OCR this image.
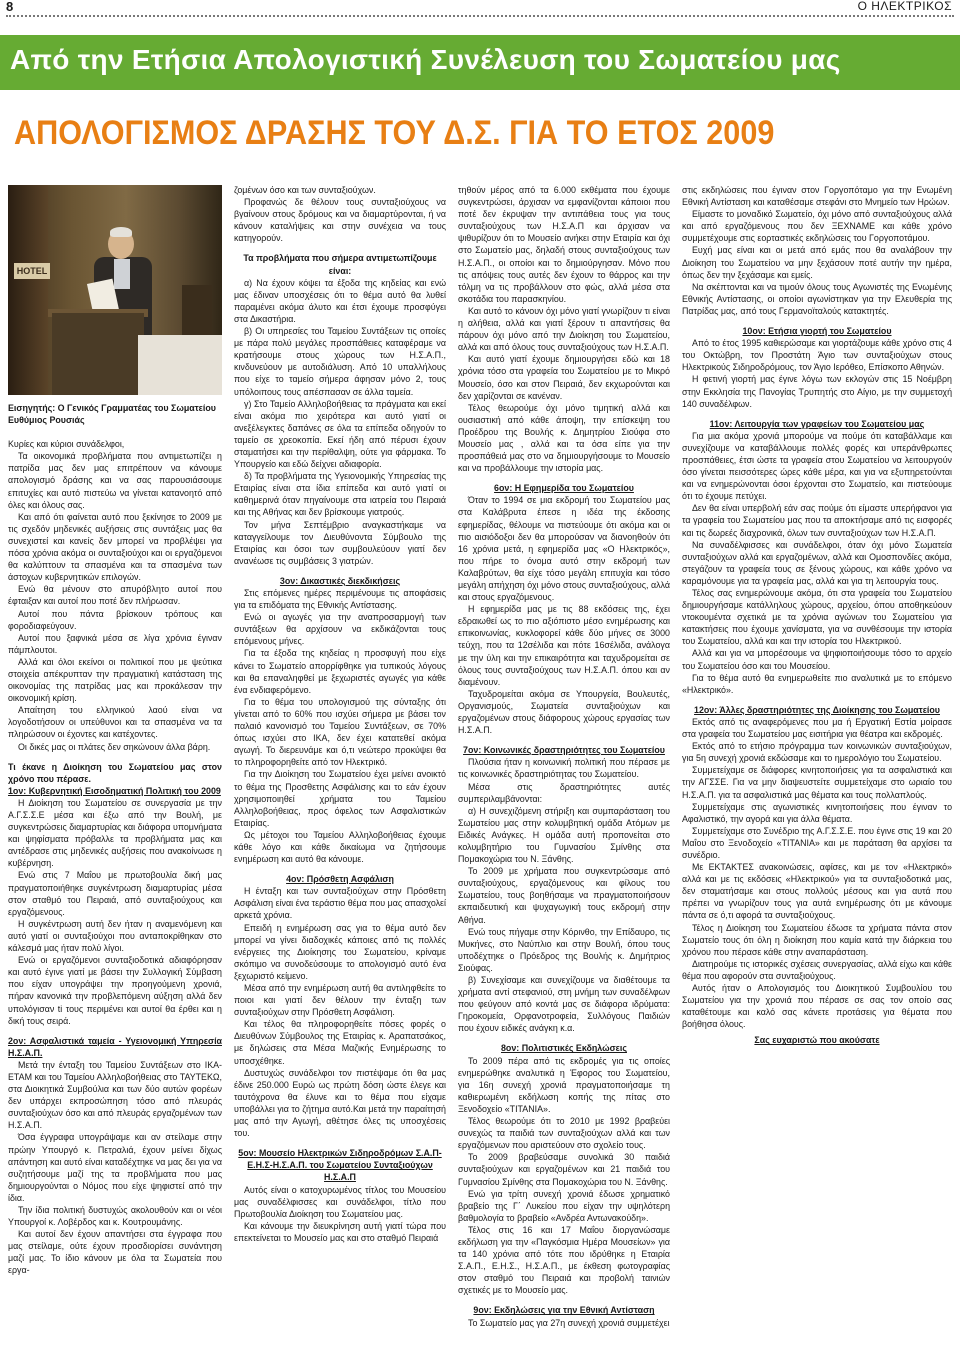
8	Ο ΗΛΕΚΤΡΙΚΟΣ
Από την Ετήσια Απολογιστική Συνέλευση του Σωματείου μας
ΑΠΟΛΟΓΙΣΜΟΣ ΔΡΑΣΗΣ ΤΟΥ Δ.Σ. ΓΙΑ ΤΟ ΕΤΟΣ 2009
HOTEL

Εισηγητής: Ο Γενικός Γραμματέας του Σωματείου

Ευθύμιος Ρουσιάς

Κυρίες και κύριοι συνάδελφοι,

Τα οικονομικά προβλήματα που αντιμετωπίζει η πατρίδα μας δεν μας επιτρέπουν να κάνουμε απολογισμό δράσης και να σας παρουσιάσουμε επιτυχίες και αυτό πιστεύω να γίνεται κατανοητό από όλες και όλους σας.

Και από ότι φαίνεται αυτό που ξεκίνησε το 2009 με τις σχεδόν μηδενικές αυξήσεις στις συντάξεις μας θα συνεχιστεί και κανείς δεν μπορεί να προβλέψει για πόσα χρόνια ακόμα οι συνταξιούχοι και οι εργαζόμενοι θα καλύπτουν τα σπασμένα και τα σπασμένα των άστοχων κυβερνητικών επιλογών.

Ενώ θα μένουν στο απυρόβλητο αυτοί που έφταιξαν και αυτοί που ποτέ δεν πλήρωσαν.

Αυτοί που πάντα βρίσκουν τρόπους και φοροδιαφεύγουν.

Αυτοί που ξαφνικά μέσα σε λίγα χρόνια έγιναν πάμπλουτοι.

Αλλά και όλοι εκείνοι οι πολιτικοί που με ψεύτικα στοιχεία απέκρυπταν την πραγματική κατάσταση της οικονομίας της πατρίδας μας και προκάλεσαν την οικονομική κρίση.

Απαίτηση του ελληνικού λαού είναι να λογοδοτήσουν οι υπεύθυνοι και τα σπασμένα να τα πληρώσουν οι έχοντες και κατέχοντες.

Οι δικές μας οι πλάτες δεν σηκώνουν άλλα βάρη.

Τι έκανε η Διοίκηση του Σωματείου μας στον χρόνο που πέρασε.

1ον: Κυβερνητική Εισοδηματική Πολιτική του 2009

Η Διοίκηση του Σωματείου σε συνεργασία με την Α.Γ.Σ.Σ.Ε μέσα και έξω από την Βουλή, με συγκεντρώσεις διαμαρτυρίας και διάφορα υπομνήματα και ψηφίσματα πρόβαλλε τα προβλήματα μας και αντέδρασε στις μηδενικές αυξήσεις που ανακοίνωσε η κυβέρνηση.

Ενώ στις 7 Μαΐου με πρωτοβουλία δική μας πραγματοποιήθηκε συγκέντρωση διαμαρτυρίας μέσα στον σταθμό του Πειραιά, από συνταξιούχους και εργαζόμενους.

Η συγκέντρωση αυτή δεν ήταν η αναμενόμενη και αυτό γιατί οι συνταξιούχοι που ανταποκρίθηκαν στο κάλεσμά μας ήταν πολύ λίγοι.

Ενώ οι εργαζόμενοι συνταξιοδοτικά αδιαφόρησαν και αυτό έγινε γιατί με βάσει την Συλλογική Σύμβαση που είχαν υπογράψει την προηγούμενη χρονιά, πήραν κανονικά την προβλεπόμενη αύξηση αλλά δεν υπολόγισαν ti τους περιμένει και αυτοί θα έρθει και η δική τους σειρά.

2ον: Ασφαλιστικά ταμεία - Υγειονομική Υπηρεσία Η.Σ.Α.Π.

Μετά την ένταξη του Ταμείου Συντάξεων στο ΙΚΑ-ΕΤΑΜ και του Ταμείου Αλληλοβοήθειας στο ΤΑΥΤΕΚΩ, στα Διοικητικά Συμβούλια και των δύο αυτών φορέων δεν υπάρχει εκπροσώπηση τόσο από πλευράς συνταξιούχων όσο και από πλευράς εργαζομένων των Η.Σ.Α.Π.

Όσα έγγραφα υπογράψαμε και αν στείλαμε στην πρώην Υπουργό κ. Πετραλιά, έχουν μείνει δίχως απάντηση και αυτό είναι καταδέχτηκε να μας δει για να συζητήσουμε μαζί της τα προβλήματα που μας δημιουργούνται ο Νόμος που είχε ψηφιστεί από την ίδια.

Την ίδια πολιτική δυστυχώς ακολουθούν και οι νέοι Υπουργοί κ. Λοβέρδος και κ. Κουτρουμάνης.

Και αυτοί δεν έχουν απαντήσει στα έγγραφα που μας στείλαμε, ούτε έχουν προσδιορίσει συνάντηση μαζί μας. Το ίδιο κάνουν με όλα τα Σωματεία που εργα-

ζομένων όσο και των συνταξιούχων.

Προφανώς δε θέλουν τους συνταξιούχους να βγαίνουν στους δρόμους και να διαμαρτύρονται, ή να κάνουν καταλήψεις και στην συνέχεια να τους κατηγορούν.

Τα προβλήματα που σήμερα αντιμετωπίζουμε είναι:

α) Να έχουν κόψει τα έξοδα της κηδείας και ενώ μας έδιναν υποσχέσεις ότι το θέμα αυτό θα λυθεί παραμένει ακόμα άλυτο και έτσι έχουμε προσφύγει στα Δικαστήρια.

β) Οι υπηρεσίες του Ταμείου Συντάξεων τις οποίες με πάρα πολύ μεγάλες προσπάθειες καταφέραμε να κρατήσουμε στους χώρους των Η.Σ.Α.Π., κινδυνεύουν με αυτοδιάλυση. Από 10 υπαλλήλους που είχε το ταμείο σήμερα άφησαν μόνο 2, τους υπόλοιπους τους απέσπασαν σε άλλα ταμεία.

γ) Στο Ταμείο Αλληλοβοήθειας τα πράγματα και εκεί είναι ακόμα πιο χειρότερα και αυτό γιατί οι ανεξέλεγκτες δαπάνες σε όλα τα επίπεδα οδηγούν το ταμείο σε χρεοκοπία. Εκεί ήδη από πέρυσι έχουν σταματήσει και την περίθαλψη, ούτε για φάρμακα. Το Υπουργείο και εδώ δείχνει αδιαφορία.

δ) Τα προβλήματα της Υγειονομικής Υπηρεσίας της Εταιρίας είναι στα ίδια επίπεδα και αυτό γιατί οι καθημερινά όταν πηγαίνουμε στα ιατρεία του Πειραιά και της Αθήνας και δεν βρίσκουμε γιατρούς.

Τον μήνα Σεπτέμβριο αναγκαστήκαμε να καταγγείλουμε τον Διευθύνοντα Σύμβουλο της Εταιρίας και όσοι των συμβουλεύουν γιατί δεν ανανέωσε τις συμβάσεις 3 γιατρών.

3ον: Δικαστικές διεκδικήσεις

Στις επόμενες ημέρες περιμένουμε τις αποφάσεις για τα επιδόματα της Εθνικής Αντίστασης.

Ενώ οι αγωγές για την αναπροσαρμογή των συντάξεων θα αρχίσουν να εκδικάζονται τους επόμενους μήνες.

Για τα έξοδα της κηδείας η προσφυγή που είχε κάνει το Σωματείο απορρίφθηκε για τυπικούς λόγους και θα επαναληφθεί με ξεχωριστές αγωγές για κάθε ένα ενδιαφερόμενο.

Για το θέμα του υπολογισμού της σύνταξης ότι γίνεται από το 60% που ισχύει σήμερα με βάσει τον παλαιό κανονισμό του Ταμείου Συντάξεων, σε 70% όπως ισχύει στο ΙΚΑ, δεν έχει κατατεθεί ακόμα αγωγή. Το διερευνάμε και ό,τι νεώτερο προκύψει θα το πληροφορηθείτε από τον Ηλεκτρικό.

Για την Διοίκηση του Σωματείου έχει μείνει ανοικτό το θέμα της Προσθετης Ασφάλισης και το εάν έχουν χρησιμοποιηθεί χρήματα του Ταμείου Αλληλοβοήθειας, προς όφελος των Ασφαλιστικών Εταιρίας.

Ως μέτοχοι του Ταμείου Αλληλοβοήθειας έχουμε κάθε λόγο και κάθε δικαίωμα να ζητήσουμε ενημέρωση και αυτό θα κάνουμε.

4ον: Πρόσθετη Ασφάλιση

Η ένταξη και των συνταξιούχων στην Πρόσθετη Ασφάλιση είναι ένα τεράστιο θέμα που μας απασχολεί αρκετά χρόνια.

Επειδή η ενημέρωση σας για το θέμα αυτό δεν μπορεί να γίνει διαδοχικές κάποιες από τις πολλές ενέργειες της Διοίκησης του Σωματείου, κρίναμε σκόπιμο να συνοδεύσουμε το απολογισμό αυτό ένα ξεχωριστό κείμενο.

Μέσα από την ενημέρωση αυτή θα αντιληφθείτε το ποιοι και γιατί δεν θέλουν την ένταξη των συνταξιούχων στην Πρόσθετη Ασφάλιση.

Και τέλος θα πληροφορηθείτε πόσες φορές ο Διευθύνων Σύμβουλος της Εταιρίας κ. Αραπατσάκος, με δηλώσεις στα Μέσα Μαζικής Ενημέρωσης το υποσχέθηκε.

Δυστυχώς συνάδελφοι τον πιστέψαμε ότι θα μας έδινε 250.000 Ευρώ ως πρώτη δόση ώστε έλεγε και ταυτόχρονα θα έλυνε και το θέμα που είχαμε υποβάλλει για το ζήτημα αυτό.Και μετά την παραίτησή μας από την Αγωγή, αθέτησε όλες τις υποσχέσεις του.

5ον: Μουσείο Ηλεκτρικών Σιδηροδρόμων Σ.Α.Π-Ε.Η.Σ-Η.Σ.Α.Π. του Σωματείου Συνταξιούχων Η.Σ.Α.Π

Αυτός είναι ο κατοχυρωμένος τίτλος του Μουσείου μας συναδέλφισσες και συνάδελφοι, τίτλο που Πρωτοβουλία Διοίκηση του Σωματείου μας.

Και κάνουμε την διευκρίνηση αυτή γιατί τώρα που επεκτείνεται το Μουσείο μας και στο σταθμό Πειραιά

τηθούν μέρος από τα 6.000 εκθέματα που έχουμε συγκεντρώσει, άρχισαν να εμφανίζονται κάποιοι που ποτέ δεν έκρυψαν την αντιπάθεια τους για τους συνταξιούχους των Η.Σ.Α.Π και άρχισαν να ψιθυρίζουν ότι το Μουσείο ανήκει στην Εταιρία και όχι στο Σωματείο μας, δηλαδή στους συνταξιούχους των Η.Σ.Α.Π., οι οποίοι και το δημιούργησαν. Μόνο που τις απόψεις τους αυτές δεν έχουν το θάρρος και την τόλμη να τις προβάλλουν στο φώς, αλλά μέσα στα σκοτάδια του παρασκηνίου.

Και αυτό το κάνουν όχι μόνο γιατί γνωρίζουν τι είναι η αλήθεια, αλλά και γιατί ξέρουν τι απαντήσεις θα πάρουν όχι μόνο από την Διοίκηση του Σωματείου, αλλά και από όλους τους συνταξιούχους των Η.Σ.Α.Π.

Και αυτό γιατί έχουμε δημιουργήσει εδώ και 18 χρόνια τόσο στα γραφεία του Σωματείου με το Μικρό Μουσείο, όσο και στον Πειραιά, δεν εκχωρούνται και δεν χαρίζονται σε κανέναν.

Τέλος θεωρούμε όχι μόνο τιμητική αλλά και ουσιαστική από κάθε άποψη, την επίσκεψη του Προέδρου της Βουλής κ. Δημητρίου Σιούφα στο Μουσείο μας , αλλά και τα όσα είπε για την προσπάθειά μας στο να δημιουργήσουμε το Μουσείο και να προβάλλουμε την ιστορία μας.

6ον: Η Εφημερίδα του Σωματείου

Όταν το 1994 σε μια εκδρομή του Σωματείου μας στα Καλάβρυτα έπεσε η ιδέα της έκδοσης εφημερίδας, θέλουμε να πιστεύουμε ότι ακόμα και οι πιο αισιόδοξοι δεν θα μπορούσαν να διανοηθούν ότι 16 χρόνια μετά, η εφημερίδα μας «Ο Ηλεκτρικός», που πήρε το όνομα αυτό στην εκδρομή των Καλαβρύτων, θα είχε τόσο μεγάλη επιτυχία και τόσο μεγάλη απήχηση όχι μόνο στους συνταξιούχους, αλλά και στους εργαζόμενους.

Η εφημερίδα μας με τις 88 εκδόσεις της, έχει εδραιωθεί ως το πιο αξιόπιστο μέσο ενημέρωσης και επικοινωνίας, κυκλοφορεί κάθε δύο μήνες σε 3000 τεύχη, που τα 12σέλιδα και πότε 16σέλιδα, ανάλογα με την ύλη και την επικαιρότητα και ταχυδρομείται σε όλους τους συνταξιούχους των Η.Σ.Α.Π. όπου και αν διαμένουν.

Ταχυδρομείται ακόμα σε Υπουργεία, Βουλευτές, Οργανισμούς, Σωματεία συνταξιούχων και εργαζομένων στους διάφορους χώρους εργασίας των Η.Σ.Α.Π.

7ον: Κοινωνικές δραστηριότητες του Σωματείου

Πλούσια ήταν η κοινωνική πολιτική που πέρασε με τις κοινωνικές δραστηριότητας του Σωματείου.

Μέσα στις δραστηριότητες αυτές συμπεριλαμβάνονται:

α) Η συνεχιζόμενη στήριξη και συμπαράσταση του Σωματείου μας στην κολυμβητική ομάδα Ατόμων με Ειδικές Ανάγκες. Η ομάδα αυτή προπονείται στο κολυμβητήριο του Γυμνασίου Σμίνθης στα Πομακοχώρια του Ν. Ξάνθης.

Το 2009 με χρήματα που συγκεντρώσαμε από συνταξιούχους, εργαζόμενους και φίλους του Σωματείου, τους βοηθήσαμε να πραγματοποιήσουν εκπαιδευτική και ψυχαγωγική τους εκδρομή στην Αθήνα.

Ενώ τους πήγαμε στην Κόρινθο, την Επίδαυρο, τις Μυκήνες, στο Ναύπλιο και στην Βουλή, όπου τους υποδέχτηκε ο Πρόεδρος της Βουλής κ. Δημήτριος Σιούφας.

β) Συνεχίσαμε και συνεχίζουμε να διαθέτουμε τα χρήματα αντί στεφανιού, στη μνήμη των συναδέλφων που φεύγουν από κοντά μας σε διάφορα ιδρύματα: Γηροκομεία, Ορφανοτροφεία, Συλλόγους Παιδιών που έχουν ειδικές ανάγκη κ.α.

8ον: Πολιτιστικές Εκδηλώσεις

Το 2009 πέρα από τις εκδρομές για τις οποίες ενημερώθηκε αναλυτικά η Έφορος του Σωματείου, για 16η συνεχή χρονιά πραγματοποιήσαμε τη καθιερωμένη εκδήλωση κοπής της πίτας στο Ξενοδοχείο «TITANIA».

Τέλος θεωρούμε ότι το 2010 με 1992 βραβεύει συνεχώς τα παιδιά των συνταξιούχων αλλά και των εργαζόμενων που αριστεύουν στο σχολείο τους.

Το 2009 βραβεύσαμε συνολικά 30 παιδιά συνταξιούχων και εργαζομένων και 21 παιδιά του Γυμνασίου Σμίνθης στα Πομακοχώρια του Ν. Ξάνθης.

Ενώ για τρίτη συνεχή χρονιά έδωσε χρηματικό βραβείο της Γ΄ Λυκείου που είχαν την υψηλότερη βαθμολογία το βραβείο «Ανδρέα Αντωνακούδη».

Τέλος στις 16 και 17 Μαΐου διοργανώσαμε εκδήλωση για την «Παγκόσμια Ημέρα Μουσείων» για τα 140 χρόνια από τότε που ιδρύθηκε η Εταιρία Σ.Α.Π., Ε.Η.Σ., Η.Σ.Α.Π., με έκθεση φωτογραφίας στον σταθμό του Πειραιά και προβολή ταινιών σχετικές με το Μουσείο μας.

9ον: Εκδηλώσεις για την Εθνική Αντίσταση

Το Σωματείο μας για 27η συνεχή χρονιά συμμετέχει

στις εκδηλώσεις που έγιναν στον Γοργοπόταμο για την Ενωμένη Εθνική Αντίσταση και καταθέσαμε στεφάνι στο Μνημείο των Ηρώων.

Είμαστε το μοναδικό Σωματείο, όχι μόνο από συνταξιούχους αλλά και από εργαζόμενους που δεν ΞΕΧΝΑΜΕ και κάθε χρόνο συμμετέχουμε στις εορταστικές εκδηλώσεις του Γοργοποτάμου.

Ευχή μας είναι και οι μετά από εμάς που θα αναλάβουν την Διοίκηση του Σωματείου να μην ξεχάσουν ποτέ αυτήν την ημέρα, όπως δεν την ξεχάσαμε και εμείς.

Να σκέπτονται και να τιμούν όλους τους Αγωνιστές της Ενωμένης Εθνικής Αντίστασης, οι οποίοι αγωνίστηκαν για την Ελευθερία της Πατρίδας μας, από τους Γερμανοϊταλούς κατακτητές.

10ον: Ετήσια γιορτή του Σωματείου

Από το έτος 1995 καθιερώσαμε και γιορτάζουμε κάθε χρόνο στις 4 του Οκτώβρη, τον Προστάτη Άγιο των συνταξιούχων στους Ηλεκτρικούς Σιδηροδρόμους, τον Άγιο Ιερόθεο, Επίσκοπο Αθηνών.

Η φετινή γιορτή μας έγινε λόγω των εκλογών στις 15 Νοέμβρη στην Εκκλησία της Πανογίας Τρυπητής στο Αίγιο, με την συμμετοχή 140 συναδέλφων.

11ον: Λειτουργία των γραφείων του Σωματείου μας

Για μια ακόμα χρονιά μπορούμε να πούμε ότι καταβάλλαμε και συνεχίζουμε να καταβάλλουμε πολλές φορές και υπεράνθρωπες προσπάθειες, έτσι ώστε τα γραφεία στου Σωματείου να λειτουργούν όσο γίνεται πεισσότερες ώρες κάθε μέρα, και για να εξυπηρετούνται και να ενημερώνονται όσοι έρχονται στο Σωματείο, και πιστεύουμε ότι το έχουμε πετύχει.

Δεν θα είναι υπερβολή εάν σας πούμε ότι είμαστε υπερήφανοι για τα γραφεία του Σωματείου μας που τα αποκτήσαμε από τις εισφορές και τις δωρεές διαχρονικά, όλων των συνταξιούχων των Η.Σ.Α.Π.

Να συναδέλφισσες και συνάδελφοι, όταν όχι μόνο Σωματεία συνταξιούχων αλλά και εργαζομένων, αλλά και Ομοσπονδίες ακόμα, στεγάζουν τα γραφεία τους σε ξένους χώρους, και κάθε χρόνο να καραμόνουμε για τα γραφεία μας, αλλά και για τη λειτουργία τους.

Τέλος σας ενημερώνουμε ακόμα, ότι στα γραφεία του Σωματείου δημιουργήσαμε κατάλληλους χώρους, αρχείου, όπου αποθηκεύουν ντοκουμέντα σχετικά με τα χρόνια αγώνων του Σωματείου για κατακτήσεις που έχουμε χανίσματα, για να συνθέσουμε την ιστορία του Σωματείου, αλλά και και την ιστορία του Ηλεκτρικού.

Αλλά και για να μπορέσουμε να ψηφιοποιήσουμε τόσο το αρχείο του Σωματείου όσο και του Μουσείου.

Για το θέμα αυτό θα ενημερωθείτε πιο αναλυτικά με το επόμενο «Ηλεκτρικό».

12ον: Άλλες δραστηριότητες της Διοίκησης του Σωματείου

Εκτός από τις αναφερόμενες που μα ή Εργατική Εστία μοίρασε στα γραφεία του Σωματείου μας εισιτήρια για θέατρα και εκδρομές.

Εκτός από το ετήσιο πρόγραμμα των κοινωνικών συνταξιούχων, για 5η συνεχή χρονιά εκδώσαμε και το ημερολόγιο του Σωματείου.

Συμμετείχαμε σε διάφορες κινητοποιήσεις για τα ασφαλιστικά και την ΑΓΣΣΕ. Για να μην διαψευστείτε συμμετείχαμε στο ωριαίο του Η.Σ.Α.Π. για τα ασφαλιστικά μας θέματα και τους πολλαπλούς.

Συμμετείχαμε στις αγωνιστικές κινητοποιήσεις που έγιναν το Αφαλιστικό, την αγορά και για άλλα θέματα.

Συμμετείχαμε στο Συνέδριο της Α.Γ.Σ.Σ.Ε. που έγινε στις 19 και 20 Μαΐου στο Ξενοδοχείο «TITANIA» και με παράταση θα αρχίσει τα συνέδριο.

Με ΕΚΤΑΚΤΕΣ ανακοινώσεις, αφίσες, και με τον «Ηλεκτρικό» αλλά και με τις εκδόσεις «Ηλεκτρικού» για τα συνταξιοδοτικά μας, δεν σταματήσαμε και στους πολλούς μέσους και για αυτά που πρέπει να γνωρίζουν τους για αυτά ενημέρωσης ότι με κάνουμε πάντα σε ό,τι αφορά τα συνταξιούχους.

Τέλος η Διοίκηση του Σωματείου έδωσε τα χρήματα πάντα στον Σωματείο τους ότι όλη η διοίκηση που καμία κατά την διάρκεια του χρόνου που πέρασε κάθε στην αναπαράσταση.

Διατηρούμε τις ιστορικές σχέσεις συνεργασίας, αλλά είχω και κάθε θέμα που αφορούν στα συνταξιούχους.

Αυτός ήταν ο Απολογισμός του Διοικητικού Συμβουλίου του Σωματείου για την χρονιά που πέρασε σε σας τον οποίο σας καταθέτουμε και καλό σας κάνετε προτάσεις για θέματα που βοήθησα όλους.

Σας ευχαριστώ που ακούσατε
